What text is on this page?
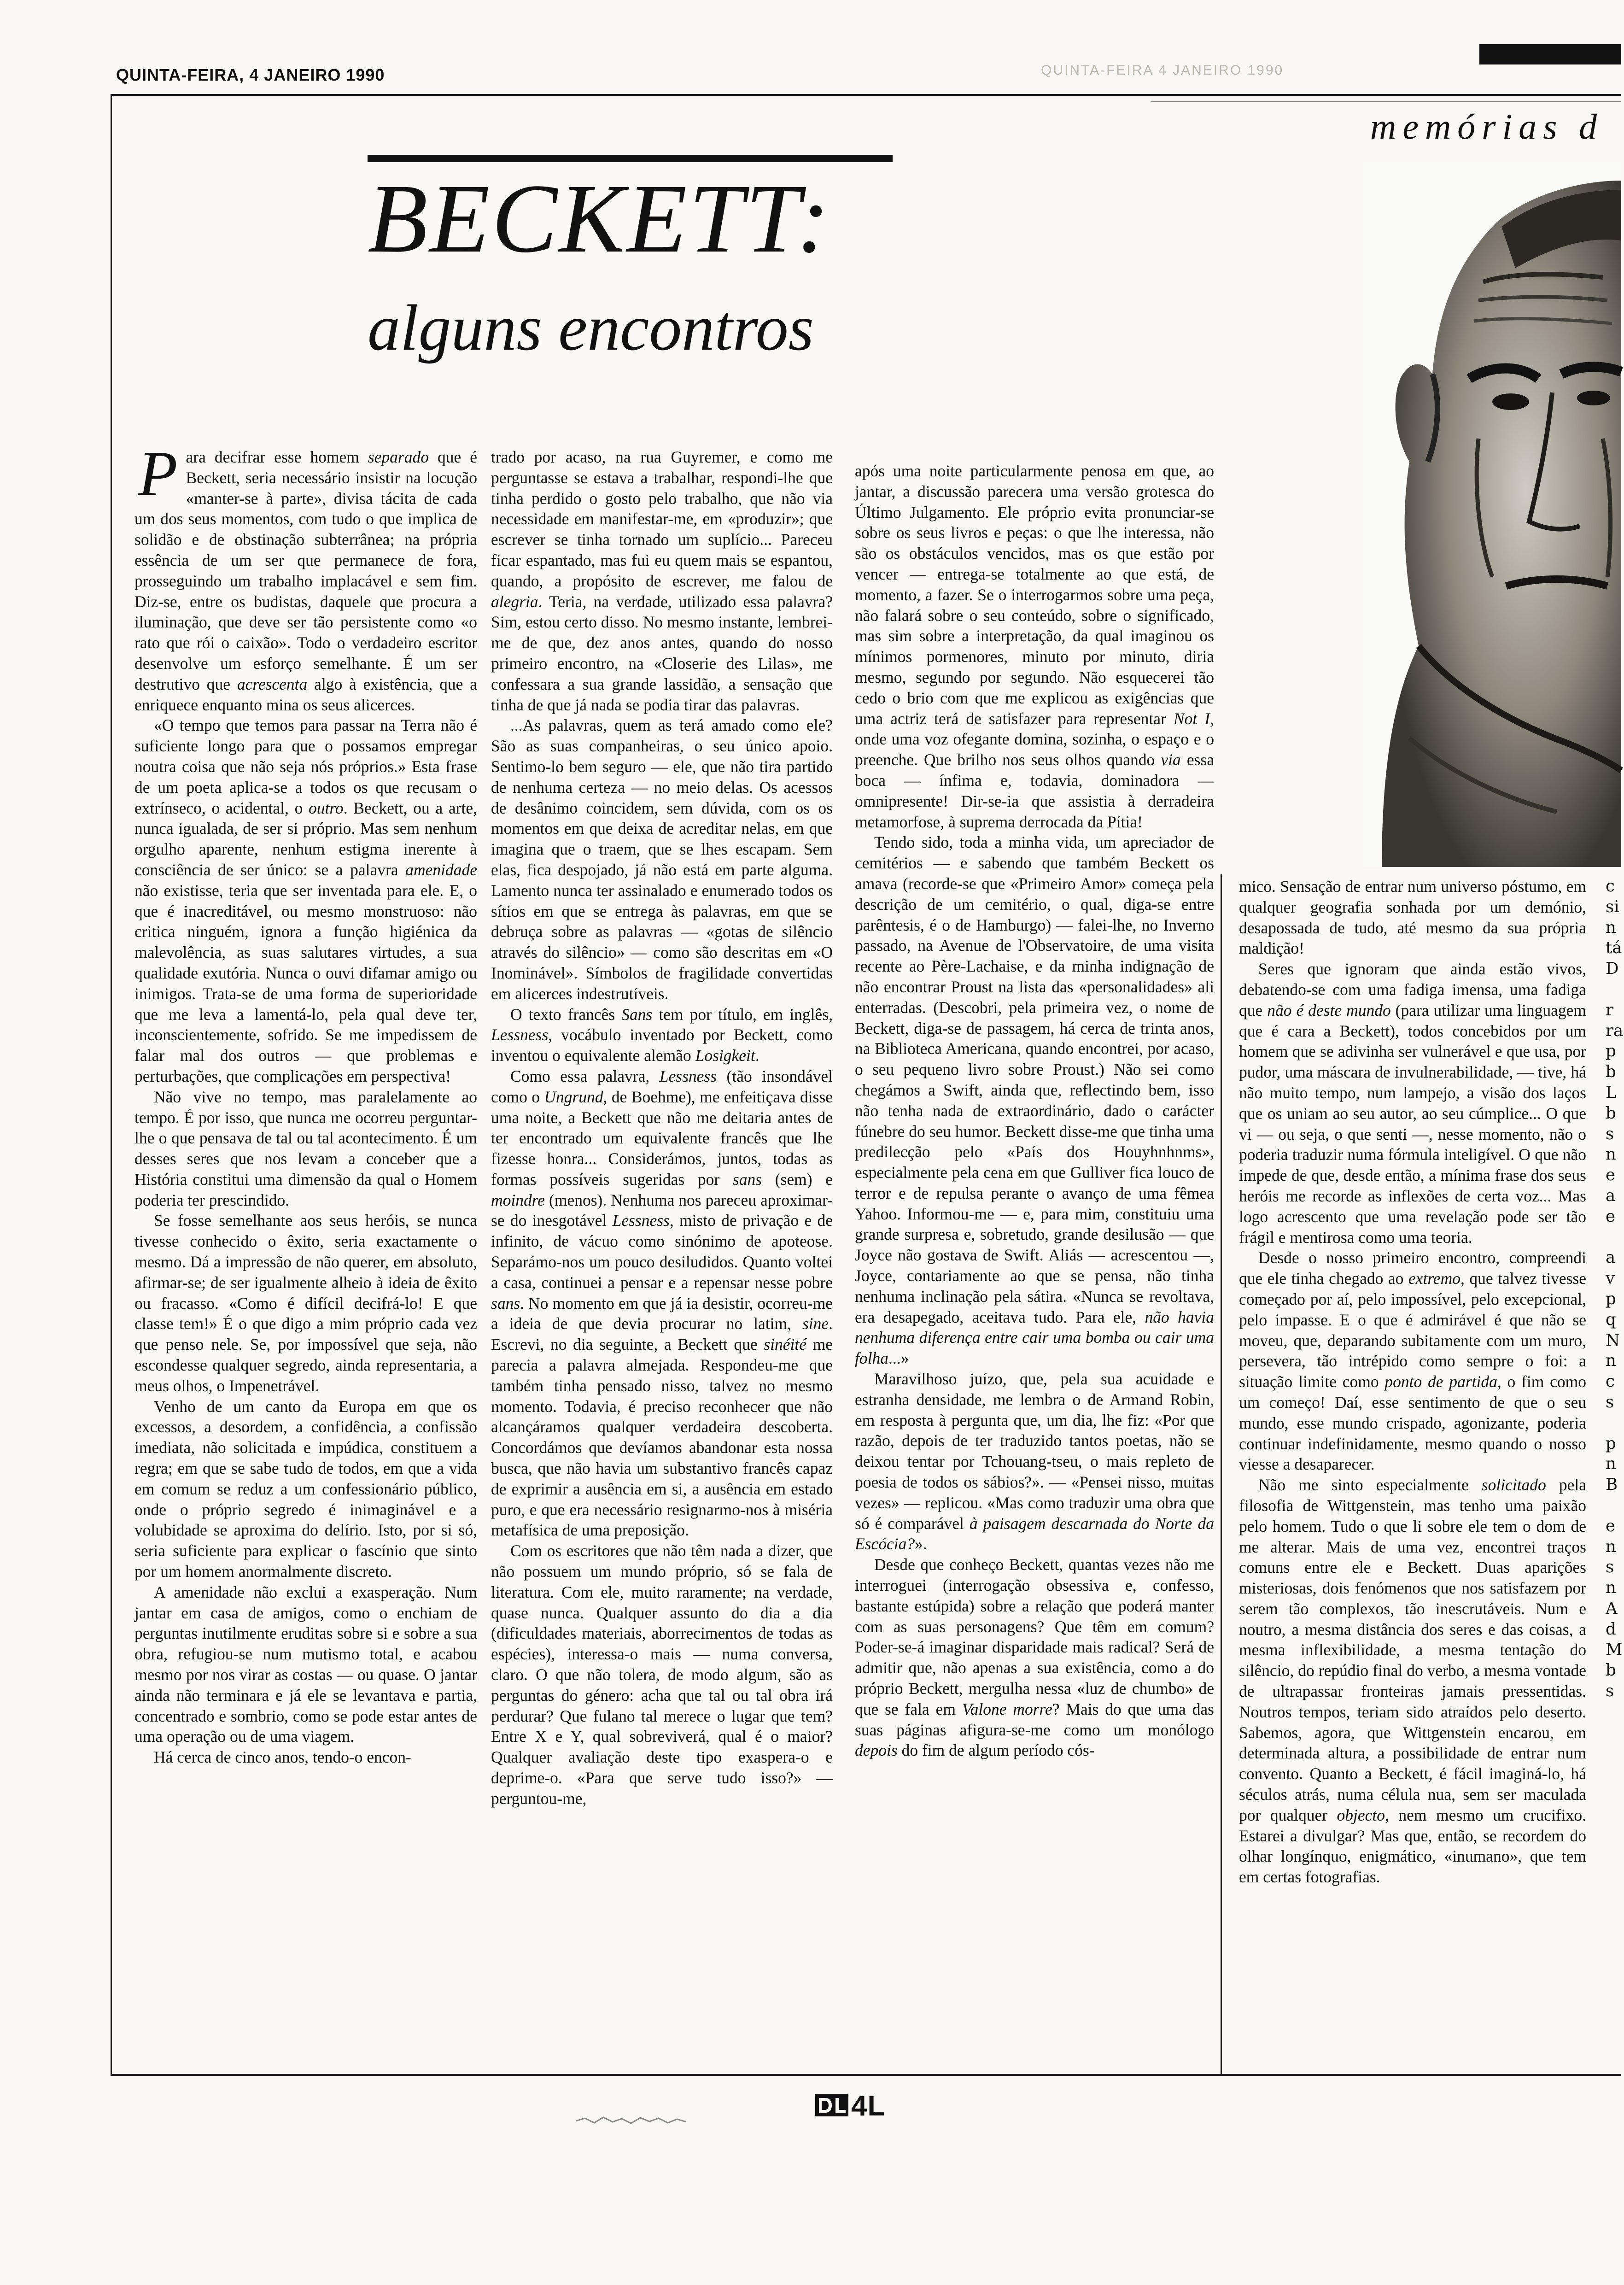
QUINTA-FEIRA, 4 JANEIRO 1990	QUINTA-FEIRA 4 JANEIRO 1990
memórias d
BECKETT:
alguns encontros
P ara decifrar esse homem separado que é Beckett, seria necessário insistir na locução «manter-se à parte», divisa tácita de cada um dos seus momentos, com tudo o que implica de solidão e de obstinação subterrânea; na própria essência de um ser que permanece de fora, prosseguindo um trabalho implacável e sem fim. Diz-se, entre os budistas, daquele que procura a iluminação, que deve ser tão persistente como «o rato que rói o caixão». Todo o verdadeiro escritor desenvolve um esforço semelhante. É um ser destrutivo que acrescenta algo à existência, que a enriquece enquanto mina os seus alicerces.

«O tempo que temos para passar na Terra não é suficiente longo para que o possamos empregar noutra coisa que não seja nós próprios.» Esta frase de um poeta aplica-se a todos os que recusam o extrínseco, o acidental, o outro. Beckett, ou a arte, nunca igualada, de ser si próprio. Mas sem nenhum orgulho aparente, nenhum estigma inerente à consciência de ser único: se a palavra amenidade não existisse, teria que ser inventada para ele. E, o que é inacreditável, ou mesmo monstruoso: não critica ninguém, ignora a função higiénica da malevolência, as suas salutares virtudes, a sua qualidade exutória. Nunca o ouvi difamar amigo ou inimigos. Trata-se de uma forma de superioridade que me leva a lamentá-lo, pela qual deve ter, inconscientemente, sofrido. Se me impedissem de falar mal dos outros — que problemas e perturbações, que complicações em perspectiva!

Não vive no tempo, mas paralelamente ao tempo. É por isso, que nunca me ocorreu perguntar-lhe o que pensava de tal ou tal acontecimento. É um desses seres que nos levam a conceber que a História constitui uma dimensão da qual o Homem poderia ter prescindido.

Se fosse semelhante aos seus heróis, se nunca tivesse conhecido o êxito, seria exactamente o mesmo. Dá a impressão de não querer, em absoluto, afirmar-se; de ser igualmente alheio à ideia de êxito ou fracasso. «Como é difícil decifrá-lo! E que classe tem!» É o que digo a mim próprio cada vez que penso nele. Se, por impossível que seja, não escondesse qualquer segredo, ainda representaria, a meus olhos, o Impenetrável.

Venho de um canto da Europa em que os excessos, a desordem, a confidência, a confissão imediata, não solicitada e impúdica, constituem a regra; em que se sabe tudo de todos, em que a vida em comum se reduz a um confessionário público, onde o próprio segredo é inimaginável e a volubidade se aproxima do delírio. Isto, por si só, seria suficiente para explicar o fascínio que sinto por um homem anormalmente discreto.

A amenidade não exclui a exasperação. Num jantar em casa de amigos, como o enchiam de perguntas inutilmente eruditas sobre si e sobre a sua obra, refugiou-se num mutismo total, e acabou mesmo por nos virar as costas — ou quase. O jantar ainda não terminara e já ele se levantava e partia, concentrado e sombrio, como se pode estar antes de uma operação ou de uma viagem.

Há cerca de cinco anos, tendo-o encon-

trado por acaso, na rua Guyremer, e como me perguntasse se estava a trabalhar, respondi-lhe que tinha perdido o gosto pelo trabalho, que não via necessidade em manifestar-me, em «produzir»; que escrever se tinha tornado um suplício... Pareceu ficar espantado, mas fui eu quem mais se espantou, quando, a propósito de escrever, me falou de alegria. Teria, na verdade, utilizado essa palavra? Sim, estou certo disso. No mesmo instante, lembrei-me de que, dez anos antes, quando do nosso primeiro encontro, na «Closerie des Lilas», me confessara a sua grande lassidão, a sensação que tinha de que já nada se podia tirar das palavras.

...As palavras, quem as terá amado como ele? São as suas companheiras, o seu único apoio. Sentimo-lo bem seguro — ele, que não tira partido de nenhuma certeza — no meio delas. Os acessos de desânimo coincidem, sem dúvida, com os os momentos em que deixa de acreditar nelas, em que imagina que o traem, que se lhes escapam. Sem elas, fica despojado, já não está em parte alguma. Lamento nunca ter assinalado e enumerado todos os sítios em que se entrega às palavras, em que se debruça sobre as palavras — «gotas de silêncio através do silêncio» — como são descritas em «O Inominável». Símbolos de fragilidade convertidas em alicerces indestrutíveis.

O texto francês Sans tem por título, em inglês, Lessness, vocábulo inventado por Beckett, como inventou o equivalente alemão Losigkeit.

Como essa palavra, Lessness (tão insondável como o Ungrund, de Boehme), me enfeitiçava disse uma noite, a Beckett que não me deitaria antes de ter encontrado um equivalente francês que lhe fizesse honra... Considerámos, juntos, todas as formas possíveis sugeridas por sans (sem) e moindre (menos). Nenhuma nos pareceu aproximar-se do inesgotável Lessness, misto de privação e de infinito, de vácuo como sinónimo de apoteose. Separámo-nos um pouco desiludidos. Quanto voltei a casa, continuei a pensar e a repensar nesse pobre sans. No momento em que já ia desistir, ocorreu-me a ideia de que devia procurar no latim, sine. Escrevi, no dia seguinte, a Beckett que sinéité me parecia a palavra almejada. Respondeu-me que também tinha pensado nisso, talvez no mesmo momento. Todavia, é preciso reconhecer que não alcançáramos qualquer verdadeira descoberta. Concordámos que devíamos abandonar esta nossa busca, que não havia um substantivo francês capaz de exprimir a ausência em si, a ausência em estado puro, e que era necessário resignarmo-nos à miséria metafísica de uma preposição.

Com os escritores que não têm nada a dizer, que não possuem um mundo próprio, só se fala de literatura. Com ele, muito raramente; na verdade, quase nunca. Qualquer assunto do dia a dia (dificuldades materiais, aborrecimentos de todas as espécies), interessa-o mais — numa conversa, claro. O que não tolera, de modo algum, são as perguntas do género: acha que tal ou tal obra irá perdurar? Que fulano tal merece o lugar que tem? Entre X e Y, qual sobreviverá, qual é o maior? Qualquer avaliação deste tipo exaspera-o e deprime-o. «Para que serve tudo isso?» — perguntou-me,

após uma noite particularmente penosa em que, ao jantar, a discussão parecera uma versão grotesca do Último Julgamento. Ele próprio evita pronunciar-se sobre os seus livros e peças: o que lhe interessa, não são os obstáculos vencidos, mas os que estão por vencer — entrega-se totalmente ao que está, de momento, a fazer. Se o interrogarmos sobre uma peça, não falará sobre o seu conteúdo, sobre o significado, mas sim sobre a interpretação, da qual imaginou os mínimos pormenores, minuto por minuto, diria mesmo, segundo por segundo. Não esquecerei tão cedo o brio com que me explicou as exigências que uma actriz terá de satisfazer para representar Not I, onde uma voz ofegante domina, sozinha, o espaço e o preenche. Que brilho nos seus olhos quando via essa boca — ínfima e, todavia, dominadora — omnipresente! Dir-se-ia que assistia à derradeira metamorfose, à suprema derrocada da Pítia!

Tendo sido, toda a minha vida, um apreciador de cemitérios — e sabendo que também Beckett os amava (recorde-se que «Primeiro Amor» começa pela descrição de um cemitério, o qual, diga-se entre parêntesis, é o de Hamburgo) — falei-lhe, no Inverno passado, na Avenue de l'Observatoire, de uma visita recente ao Père-Lachaise, e da minha indignação de não encontrar Proust na lista das «personalidades» ali enterradas. (Descobri, pela primeira vez, o nome de Beckett, diga-se de passagem, há cerca de trinta anos, na Biblioteca Americana, quando encontrei, por acaso, o seu pequeno livro sobre Proust.) Não sei como chegámos a Swift, ainda que, reflectindo bem, isso não tenha nada de extraordinário, dado o carácter fúnebre do seu humor. Beckett disse-me que tinha uma predilecção pelo «País dos Houyhnhnms», especialmente pela cena em que Gulliver fica louco de terror e de repulsa perante o avanço de uma fêmea Yahoo. Informou-me — e, para mim, constituiu uma grande surpresa e, sobretudo, grande desilusão — que Joyce não gostava de Swift. Aliás — acrescentou —, Joyce, contariamente ao que se pensa, não tinha nenhuma inclinação pela sátira. «Nunca se revoltava, era desapegado, aceitava tudo. Para ele, não havia nenhuma diferença entre cair uma bomba ou cair uma folha...»

Maravilhoso juízo, que, pela sua acuidade e estranha densidade, me lembra o de Armand Robin, em resposta à pergunta que, um dia, lhe fiz: «Por que razão, depois de ter traduzido tantos poetas, não se deixou tentar por Tchouang-tseu, o mais repleto de poesia de todos os sábios?». — «Pensei nisso, muitas vezes» — replicou. «Mas como traduzir uma obra que só é comparável à paisagem descarnada do Norte da Escócia?».

Desde que conheço Beckett, quantas vezes não me interroguei (interrogação obsessiva e, confesso, bastante estúpida) sobre a relação que poderá manter com as suas personagens? Que têm em comum? Poder-se-á imaginar disparidade mais radical? Será de admitir que, não apenas a sua existência, como a do próprio Beckett, mergulha nessa «luz de chumbo» de que se fala em Valone morre? Mais do que uma das suas páginas afigura-se-me como um monólogo depois do fim de algum período cós-

mico. Sensação de entrar num universo póstumo, em qualquer geografia sonhada por um demónio, desapossada de tudo, até mesmo da sua própria maldição!

Seres que ignoram que ainda estão vivos, debatendo-se com uma fadiga imensa, uma fadiga que não é deste mundo (para utilizar uma linguagem que é cara a Beckett), todos concebidos por um homem que se adivinha ser vulnerável e que usa, por pudor, uma máscara de invulnerabilidade, — tive, há não muito tempo, num lampejo, a visão dos laços que os uniam ao seu autor, ao seu cúmplice... O que vi — ou seja, o que senti —, nesse momento, não o poderia traduzir numa fórmula inteligível. O que não impede de que, desde então, a mínima frase dos seus heróis me recorde as inflexões de certa voz... Mas logo acrescento que uma revelação pode ser tão frágil e mentirosa como uma teoria.

Desde o nosso primeiro encontro, compreendi que ele tinha chegado ao extremo, que talvez tivesse começado por aí, pelo impossível, pelo excepcional, pelo impasse. E o que é admirável é que não se moveu, que, deparando subitamente com um muro, persevera, tão intrépido como sempre o foi: a situação limite como ponto de partida, o fim como um começo! Daí, esse sentimento de que o seu mundo, esse mundo crispado, agonizante, poderia continuar indefinidamente, mesmo quando o nosso viesse a desaparecer.

Não me sinto especialmente solicitado pela filosofia de Wittgenstein, mas tenho uma paixão pelo homem. Tudo o que li sobre ele tem o dom de me alterar. Mais de uma vez, encontrei traços comuns entre ele e Beckett. Duas aparições misteriosas, dois fenómenos que nos satisfazem por serem tão complexos, tão inescrutáveis. Num e noutro, a mesma distância dos seres e das coisas, a mesma inflexibilidade, a mesma tentação do silêncio, do repúdio final do verbo, a mesma vontade de ultrapassar fronteiras jamais pressentidas. Noutros tempos, teriam sido atraídos pelo deserto. Sabemos, agora, que Wittgenstein encarou, em determinada altura, a possibilidade de entrar num convento. Quanto a Beckett, é fácil imaginá-lo, há séculos atrás, numa célula nua, sem ser maculada por qualquer objecto, nem mesmo um crucifixo. Estarei a divulgar? Mas que, então, se recordem do olhar longínquo, enigmático, «inumano», que tem em certas fotografias.

c
si
n
tá
D
r
ra
p
b
L
b
s
n
e
a
e
a
v
p
q
N
n
c
s
p
n
B
e
n
s
n
A
d
M
b
s
4L
